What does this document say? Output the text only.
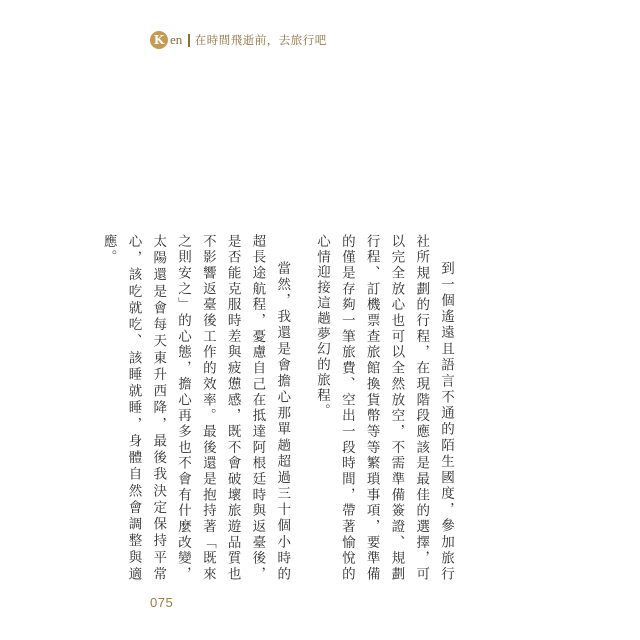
K en 在時間飛逝前，去旅行吧

到一個遙遠且語言不通的陌生國度，參加旅行社所規劃的行程，在現階段應該是最佳的選擇，可以完全放心也可以全然放空，不需準備簽證、規劃行程、訂機票查旅館換貨幣等等繁瑣事項，要準備的僅是存夠一筆旅費、空出一段時間，帶著愉悅的心情迎接這趟夢幻的旅程。

當然，我還是會擔心那單趟超過三十個小時的超長途航程，憂慮自己在抵達阿根廷時與返臺後，是否能克服時差與疲憊感，既不會破壞旅遊品質也不影響返臺後工作的效率。最後還是抱持著「既來之則安之」的心態，擔心再多也不會有什麼改變，太陽還是會每天東升西降，最後我決定保持平常心，該吃就吃、該睡就睡，身體自然會調整與適應。

075
